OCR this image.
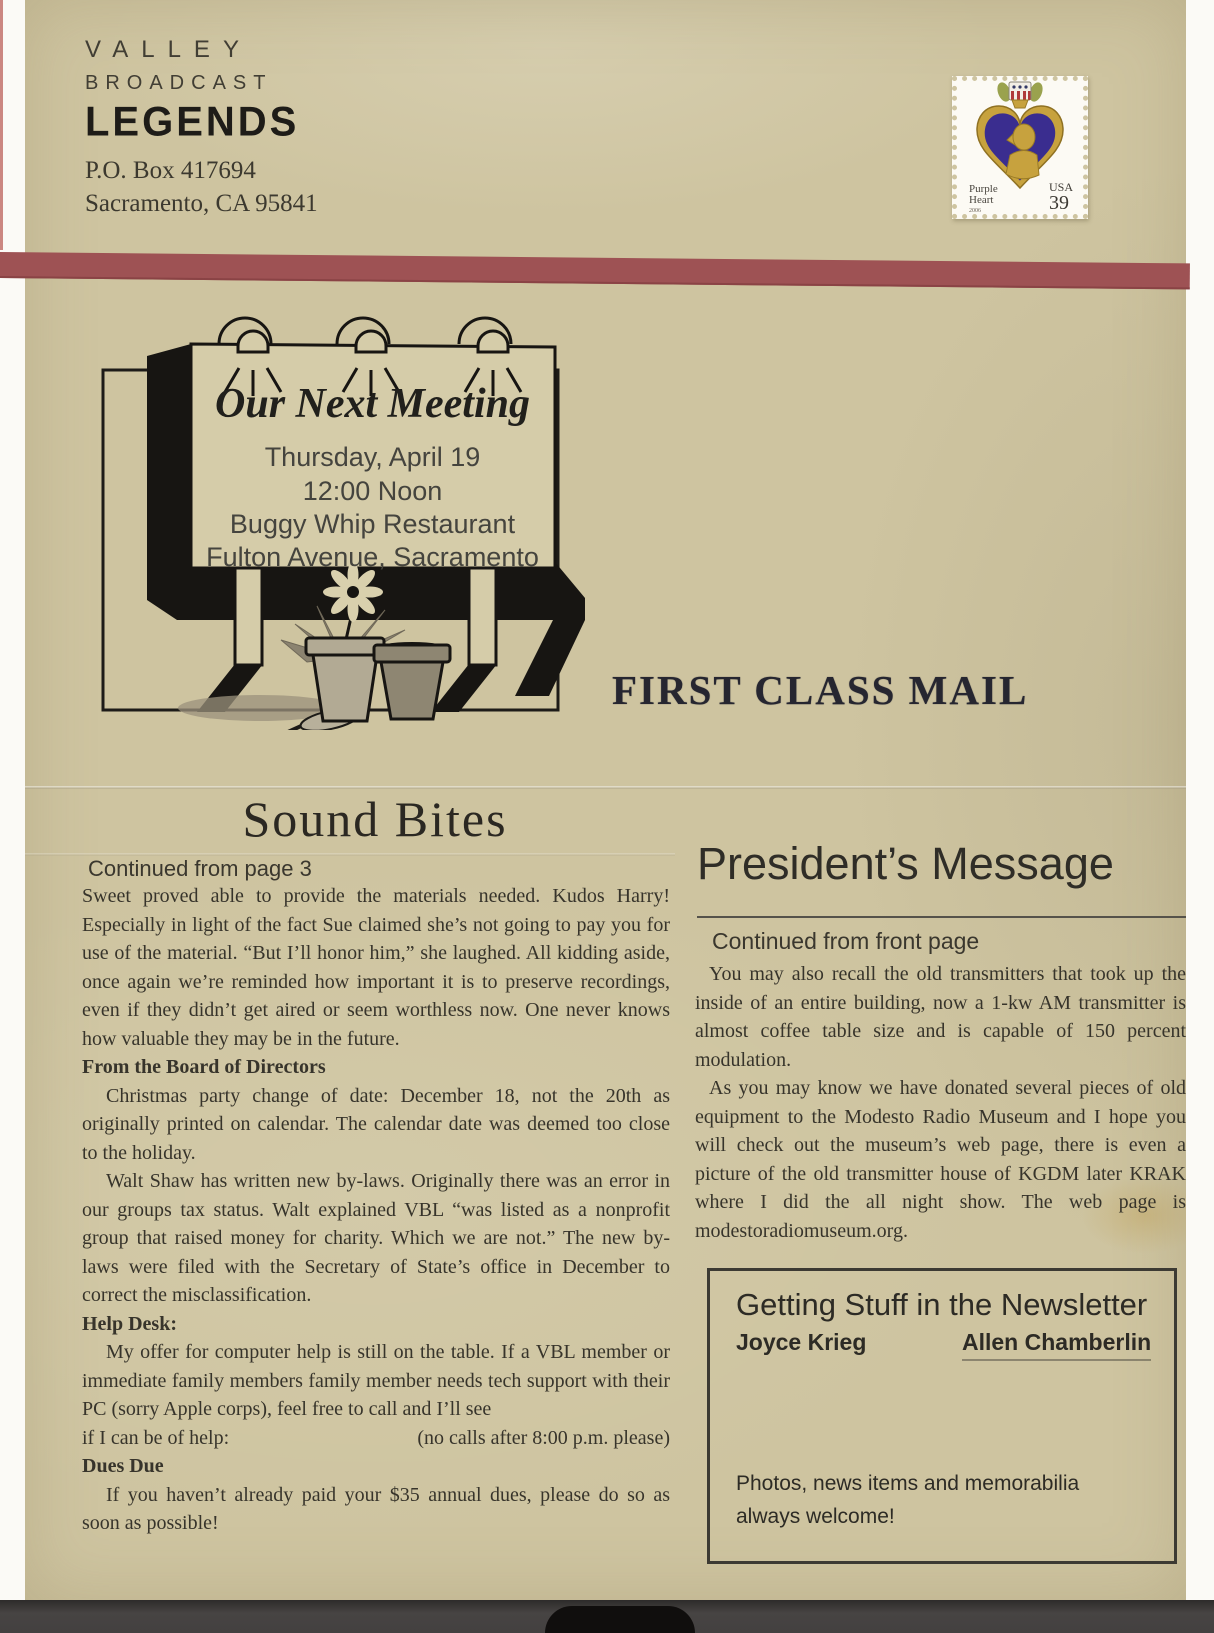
VALLEY
BROADCAST
LEGENDS
P.O. Box 417694
Sacramento, CA 95841
Purple
Heart
2006
USA
39
Our Next Meeting
Thursday, April 19
12:00 Noon
Buggy Whip Restaurant
Fulton Avenue, Sacramento
FIRST CLASS MAIL
Sound Bites
Continued from page 3

Sweet proved able to provide the materials needed. Kudos Harry! Especially in light of the fact Sue claimed she’s not going to pay you for use of the material. “But I’ll honor him,” she laughed. All kidding aside, once again we’re reminded how important it is to preserve recordings, even if they didn’t get aired or seem worthless now. One never knows how valuable they may be in the future.

From the Board of Directors

Christmas party change of date: December 18, not the 20th as originally printed on calendar. The calendar date was deemed too close to the holiday.

Walt Shaw has written new by-laws. Originally there was an error in our groups tax status. Walt explained VBL “was listed as a nonprofit group that raised money for charity. Which we are not.” The new by-laws were filed with the Secretary of State’s office in December to correct the misclassification.

Help Desk:

My offer for computer help is still on the table. If a VBL member or immediate family members family member needs tech support with their PC (sorry Apple corps), feel free to call and I’ll see

if I can be of help:	(no calls after 8:00 p.m. please)

Dues Due

If you haven’t already paid your $35 annual dues, please do so as soon as possible!

President’s Message
Continued from front page

You may also recall the old transmitters that took up the inside of an entire building, now a 1-kw AM transmitter is almost coffee table size and is capable of 150 percent modulation.

As you may know we have donated several pieces of old equipment to the Modesto Radio Museum and I hope you will check out the museum’s web page, there is even a picture of the old transmitter house of KGDM later KRAK where I did the all night show. The web page is modestoradiomuseum.org.

Getting Stuff in the Newsletter
Joyce Krieg	Allen Chamberlin
Photos, news items and memorabilia
always welcome!
